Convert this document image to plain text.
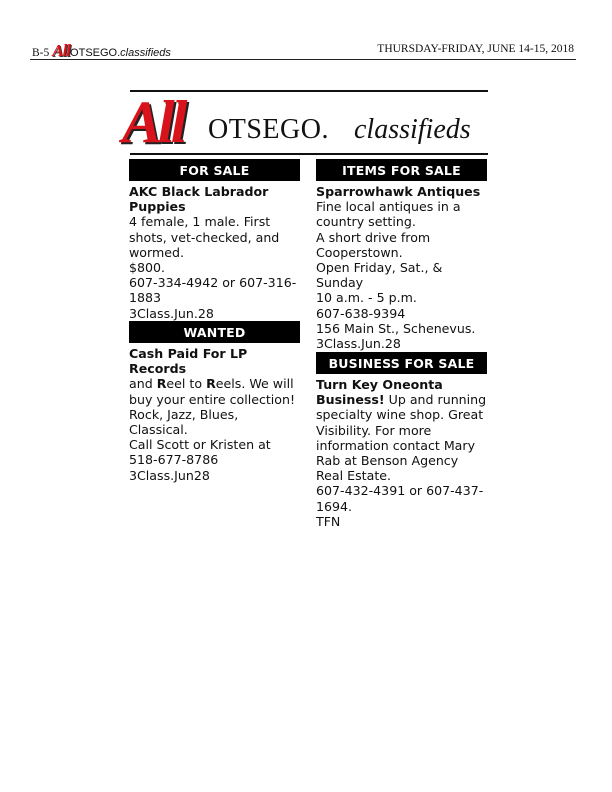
B-5 AllOTSEGO.classifieds	THURSDAY-FRIDAY, JUNE 14-15, 2018
All OTSEGO. classifieds
FOR SALE
AKC Black Labrador Puppies
4 female, 1 male. First shots, vet-checked, and wormed.
$800.
607-334-4942 or 607-316-1883
3Class.Jun.28
WANTED
Cash Paid For LP Records
and Reel to Reels. We will buy your entire collection!
Rock, Jazz, Blues, Classical.
Call Scott or Kristen at
518-677-8786
3Class.Jun28
ITEMS FOR SALE
Sparrowhawk Antiques
Fine local antiques in a country setting.
A short drive from Cooperstown.
Open Friday, Sat., & Sunday
10 a.m. - 5 p.m.
607-638-9394
156 Main St., Schenevus.
3Class.Jun.28
BUSINESS FOR SALE
Turn Key Oneonta Business! Up and running specialty wine shop. Great Visibility. For more information contact Mary Rab at Benson Agency Real Estate.
607-432-4391 or 607-437-1694.
TFN
